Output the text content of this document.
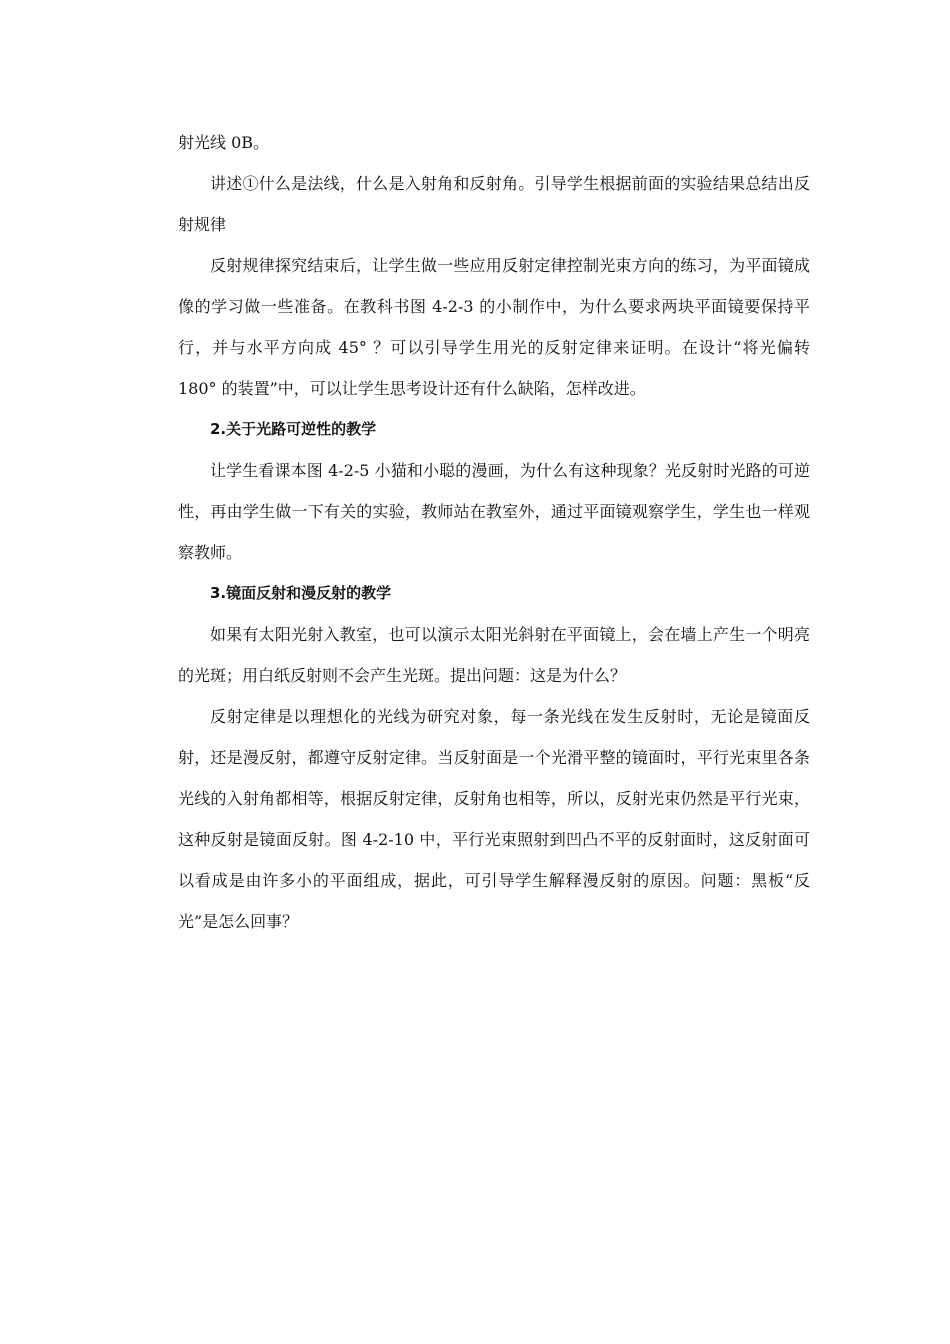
射光线 0B。

讲述①什么是法线，什么是入射角和反射角。引导学生根据前面的实验结果总结出反射规律

反射规律探究结束后，让学生做一些应用反射定律控制光束方向的练习，为平面镜成像的学习做一些准备。在教科书图 4-2-3 的小制作中，为什么要求两块平面镜要保持平行，并与水平方向成 45° ？可以引导学生用光的反射定律来证明。在设计“将光偏转 180° 的装置”中，可以让学生思考设计还有什么缺陷，怎样改进。

2.关于光路可逆性的教学

让学生看课本图 4-2-5 小猫和小聪的漫画，为什么有这种现象？光反射时光路的可逆性，再由学生做一下有关的实验，教师站在教室外，通过平面镜观察学生，学生也一样观察教师。

3.镜面反射和漫反射的教学

如果有太阳光射入教室，也可以演示太阳光斜射在平面镜上，会在墙上产生一个明亮的光斑；用白纸反射则不会产生光斑。提出问题：这是为什么？

反射定律是以理想化的光线为研究对象，每一条光线在发生反射时，无论是镜面反射，还是漫反射，都遵守反射定律。当反射面是一个光滑平整的镜面时，平行光束里各条光线的入射角都相等，根据反射定律，反射角也相等，所以，反射光束仍然是平行光束，这种反射是镜面反射。图 4-2-10 中，平行光束照射到凹凸不平的反射面时，这反射面可以看成是由许多小的平面组成，据此，可引导学生解释漫反射的原因。问题：黑板“反光”是怎么回事？
